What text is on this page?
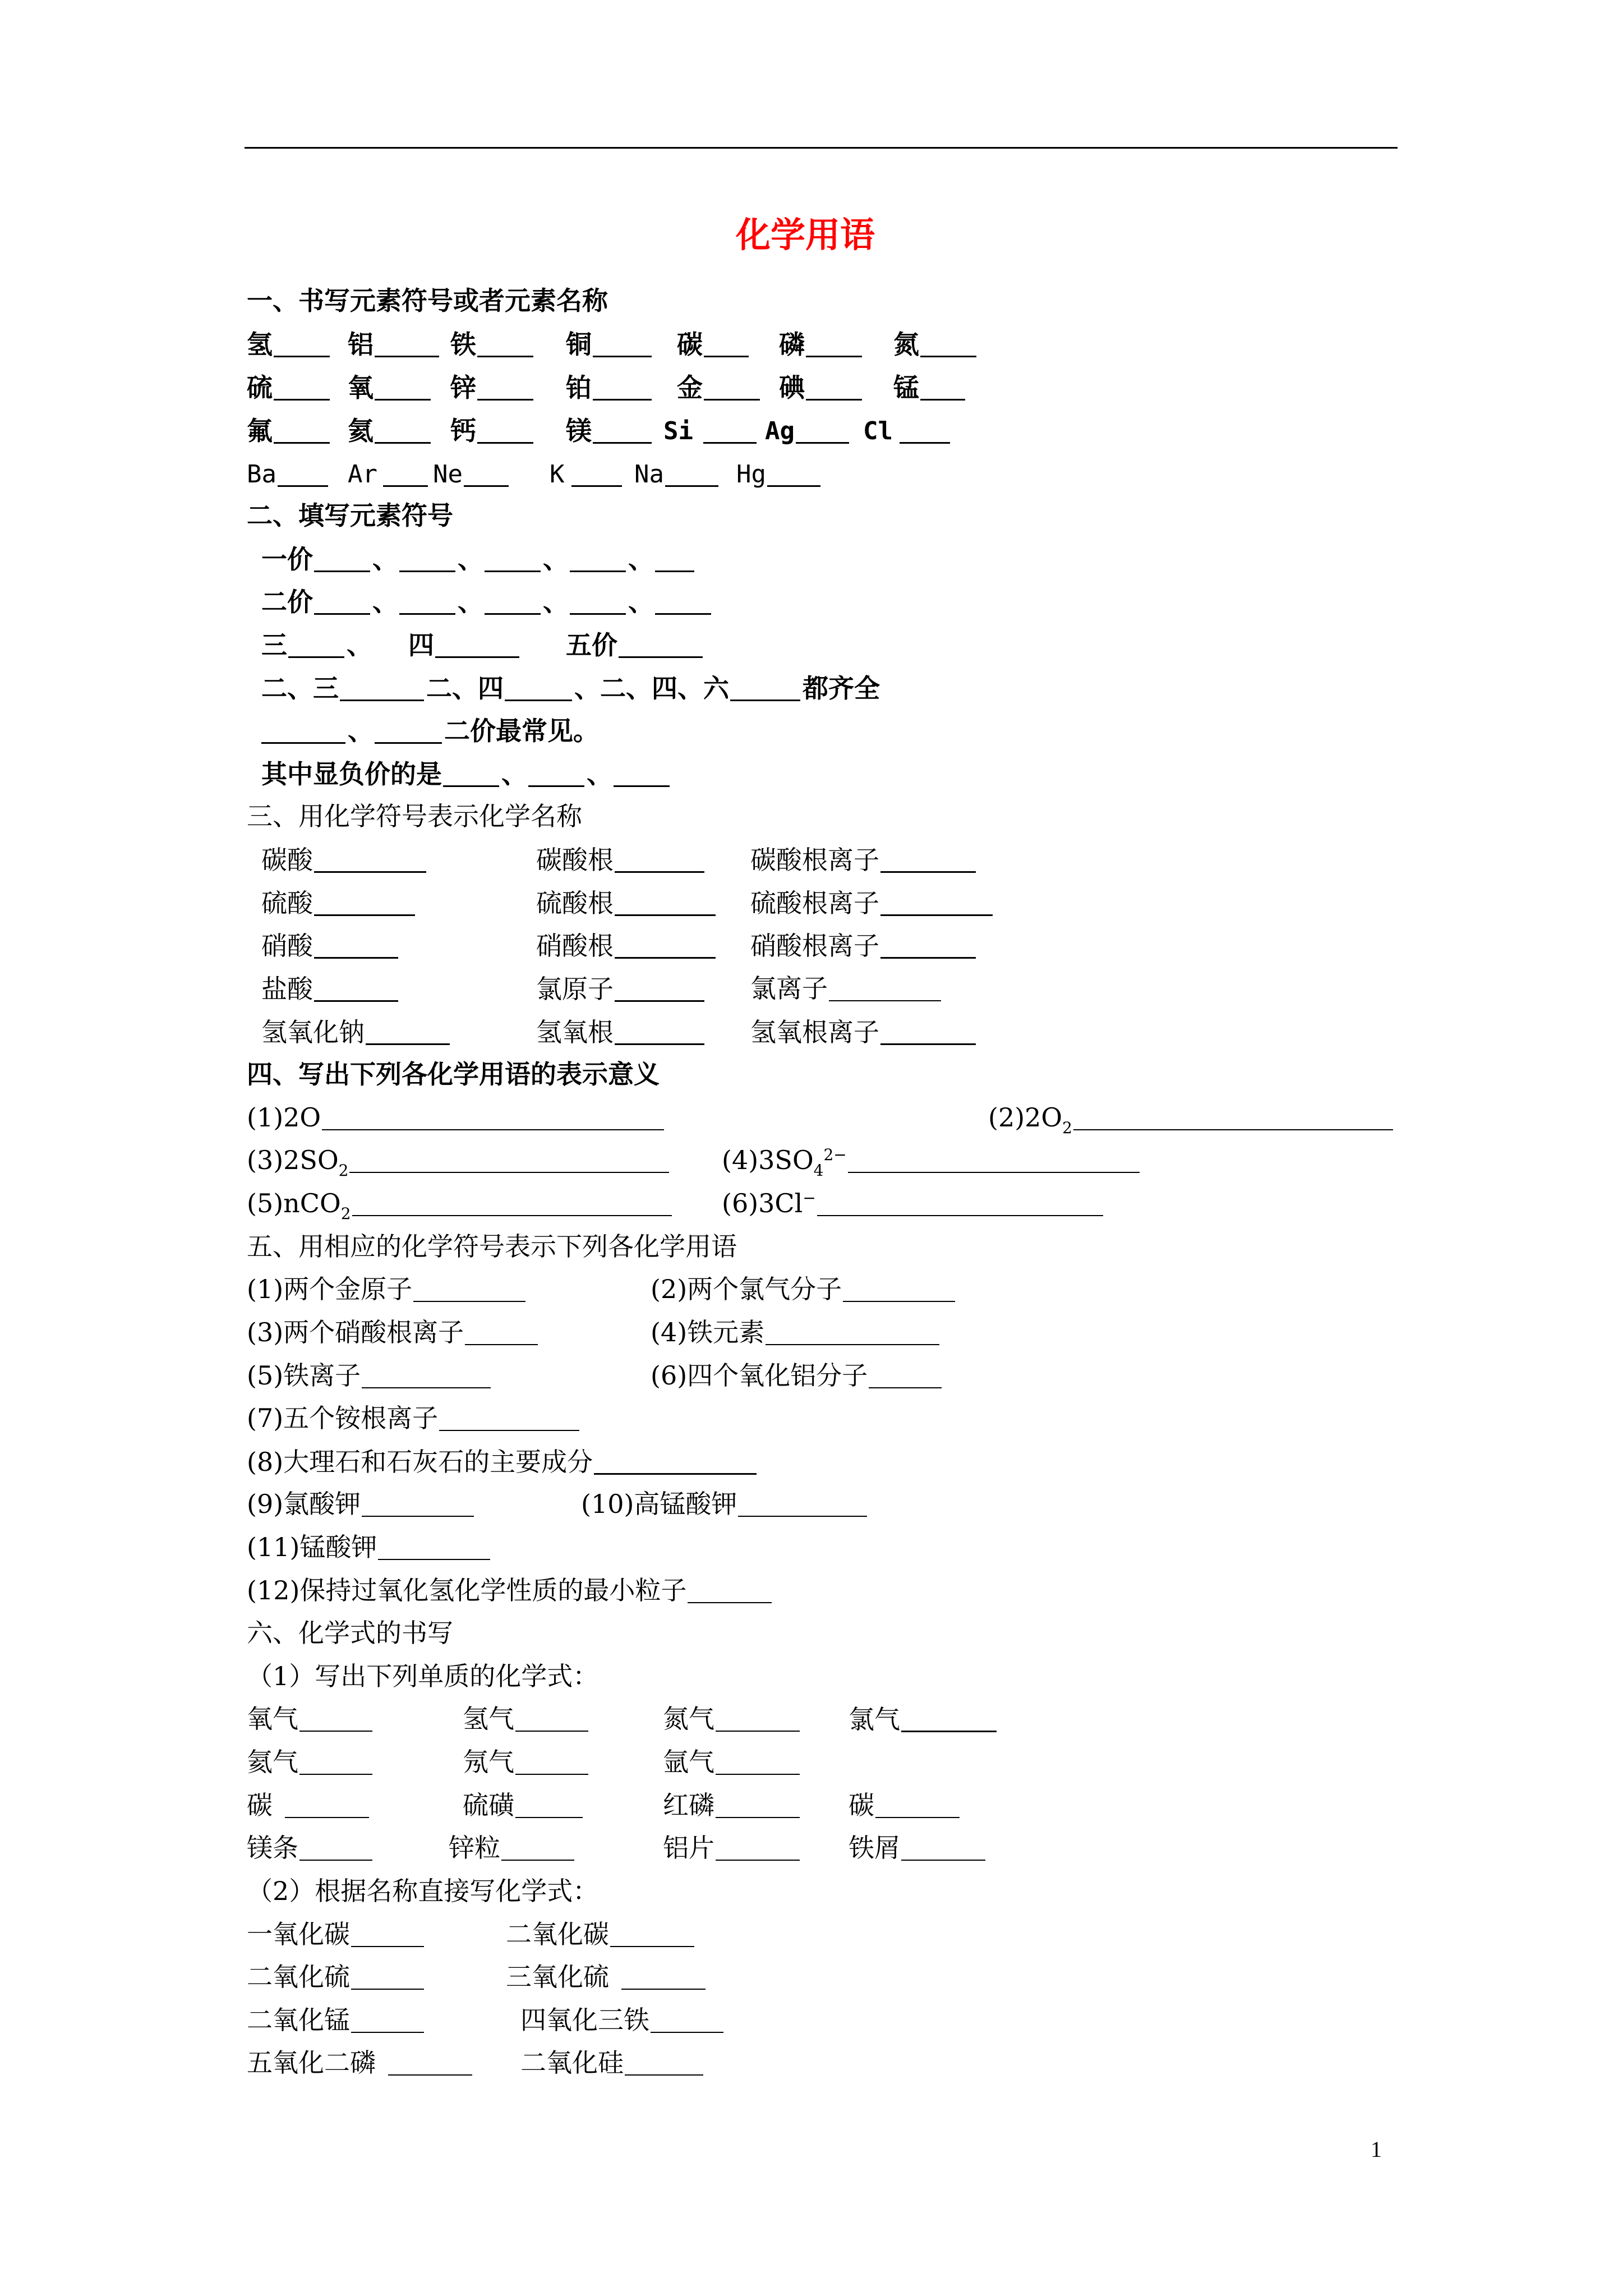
化学用语
一、书写元素符号或者元素名称
氢	铝	铁	铜	碳	磷	氮
硫	氧	锌	铂	金	碘	锰
氟	氦	钙	镁	Si	Ag	Cl
Ba	Ar Ne	K	Na	Hg
二、填写元素符号
一价 、 、 、 、
二价 、 、 、 、
三 、 四	五价
二、三	二、四	、二、四、六	都齐全
、	二价最常见。
其中显负价的是 、 、
三、用化学符号表示化学名称
碳酸	碳酸根	碳酸根离子
硫酸	硫酸根	硫酸根离子
硝酸	硝酸根	硝酸根离子
盐酸	氯原子	氯离子
氢氧化钠	氢氧根	氢氧根离子
四、写出下列各化学用语的表示意义
(1)2O	(2)2O 2
(3)2SO 2	(4)3SO 4
2−
(5)nCO 2	(6)3Cl −
五、用相应的化学符号表示下列各化学用语
(1)两个金原子	(2)两个氯气分子
(3)两个硝酸根离子	(4)铁元素
(5)铁离子	(6)四个氧化铝分子
(7)五个铵根离子
(8)大理石和石灰石的主要成分
(9)氯酸钾	(10)高锰酸钾
(11)锰酸钾
(12)保持过氧化氢化学性质的最小粒子
六、化学式的书写
（1）写出下列单质的化学式：
氧气	氢气	氮气	氯气
氦气	氖气	氩气
碳	硫磺	红磷	碳
镁条	锌粒	铝片	铁屑
（2）根据名称直接写化学式：
一氧化碳	二氧化碳
二氧化硫	三氧化硫
二氧化锰	四氧化三铁
五氧化二磷	二氧化硅
1
